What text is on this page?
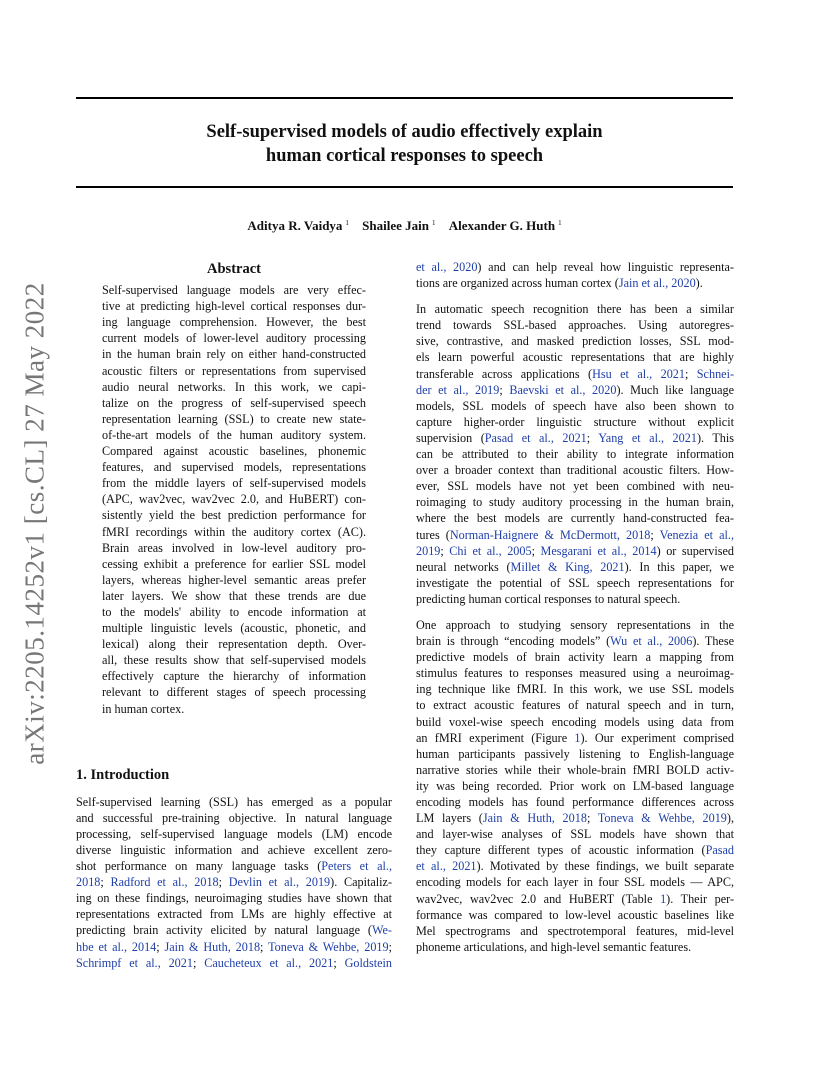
Self-supervised models of audio effectively explain
human cortical responses to speech
Aditya R. Vaidya $^1$ Shailee Jain $^1$ Alexander G. Huth $^1$
arXiv:2205.14252v1 [cs.CL] 27 May 2022
Abstract
Self-supervised language models are very effec-
tive at predicting high-level cortical responses dur-
ing language comprehension. However, the best
current models of lower-level auditory processing
in the human brain rely on either hand-constructed
acoustic filters or representations from supervised
audio neural networks. In this work, we capi-
talize on the progress of self-supervised speech
representation learning (SSL) to create new state-
of-the-art models of the human auditory system.
Compared against acoustic baselines, phonemic
features, and supervised models, representations
from the middle layers of self-supervised models
(APC, wav2vec, wav2vec 2.0, and HuBERT) con-
sistently yield the best prediction performance for
fMRI recordings within the auditory cortex (AC).
Brain areas involved in low-level auditory pro-
cessing exhibit a preference for earlier SSL model
layers, whereas higher-level semantic areas prefer
later layers. We show that these trends are due
to the models' ability to encode information at
multiple linguistic levels (acoustic, phonetic, and
lexical) along their representation depth. Over-
all, these results show that self-supervised models
effectively capture the hierarchy of information
relevant to different stages of speech processing
in human cortex.
1. Introduction
Self-supervised learning (SSL) has emerged as a popular
and successful pre-training objective. In natural language
processing, self-supervised language models (LM) encode
diverse linguistic information and achieve excellent zero-
shot performance on many language tasks (Peters et al.,
2018; Radford et al., 2018; Devlin et al., 2019). Capitaliz-
ing on these findings, neuroimaging studies have shown that
representations extracted from LMs are highly effective at
predicting brain activity elicited by natural language (We-
hbe et al., 2014; Jain & Huth, 2018; Toneva & Wehbe, 2019;
Schrimpf et al., 2021; Caucheteux et al., 2021; Goldstein
et al., 2020) and can help reveal how linguistic representa-
tions are organized across human cortex (Jain et al., 2020).
In automatic speech recognition there has been a similar
trend towards SSL-based approaches. Using autoregres-
sive, contrastive, and masked prediction losses, SSL mod-
els learn powerful acoustic representations that are highly
transferable across applications (Hsu et al., 2021; Schnei-
der et al., 2019; Baevski et al., 2020). Much like language
models, SSL models of speech have also been shown to
capture higher-order linguistic structure without explicit
supervision (Pasad et al., 2021; Yang et al., 2021). This
can be attributed to their ability to integrate information
over a broader context than traditional acoustic filters. How-
ever, SSL models have not yet been combined with neu-
roimaging to study auditory processing in the human brain,
where the best models are currently hand-constructed fea-
tures (Norman-Haignere & McDermott, 2018; Venezia et al.,
2019; Chi et al., 2005; Mesgarani et al., 2014) or supervised
neural networks (Millet & King, 2021). In this paper, we
investigate the potential of SSL speech representations for
predicting human cortical responses to natural speech.
One approach to studying sensory representations in the
brain is through “encoding models” (Wu et al., 2006). These
predictive models of brain activity learn a mapping from
stimulus features to responses measured using a neuroimag-
ing technique like fMRI. In this work, we use SSL models
to extract acoustic features of natural speech and in turn,
build voxel-wise speech encoding models using data from
an fMRI experiment (Figure 1). Our experiment comprised
human participants passively listening to English-language
narrative stories while their whole-brain fMRI BOLD activ-
ity was being recorded. Prior work on LM-based language
encoding models has found performance differences across
LM layers (Jain & Huth, 2018; Toneva & Wehbe, 2019),
and layer-wise analyses of SSL models have shown that
they capture different types of acoustic information (Pasad
et al., 2021). Motivated by these findings, we built separate
encoding models for each layer in four SSL models — APC,
wav2vec, wav2vec 2.0 and HuBERT (Table 1). Their per-
formance was compared to low-level acoustic baselines like
Mel spectrograms and spectrotemporal features, mid-level
phoneme articulations, and high-level semantic features.
